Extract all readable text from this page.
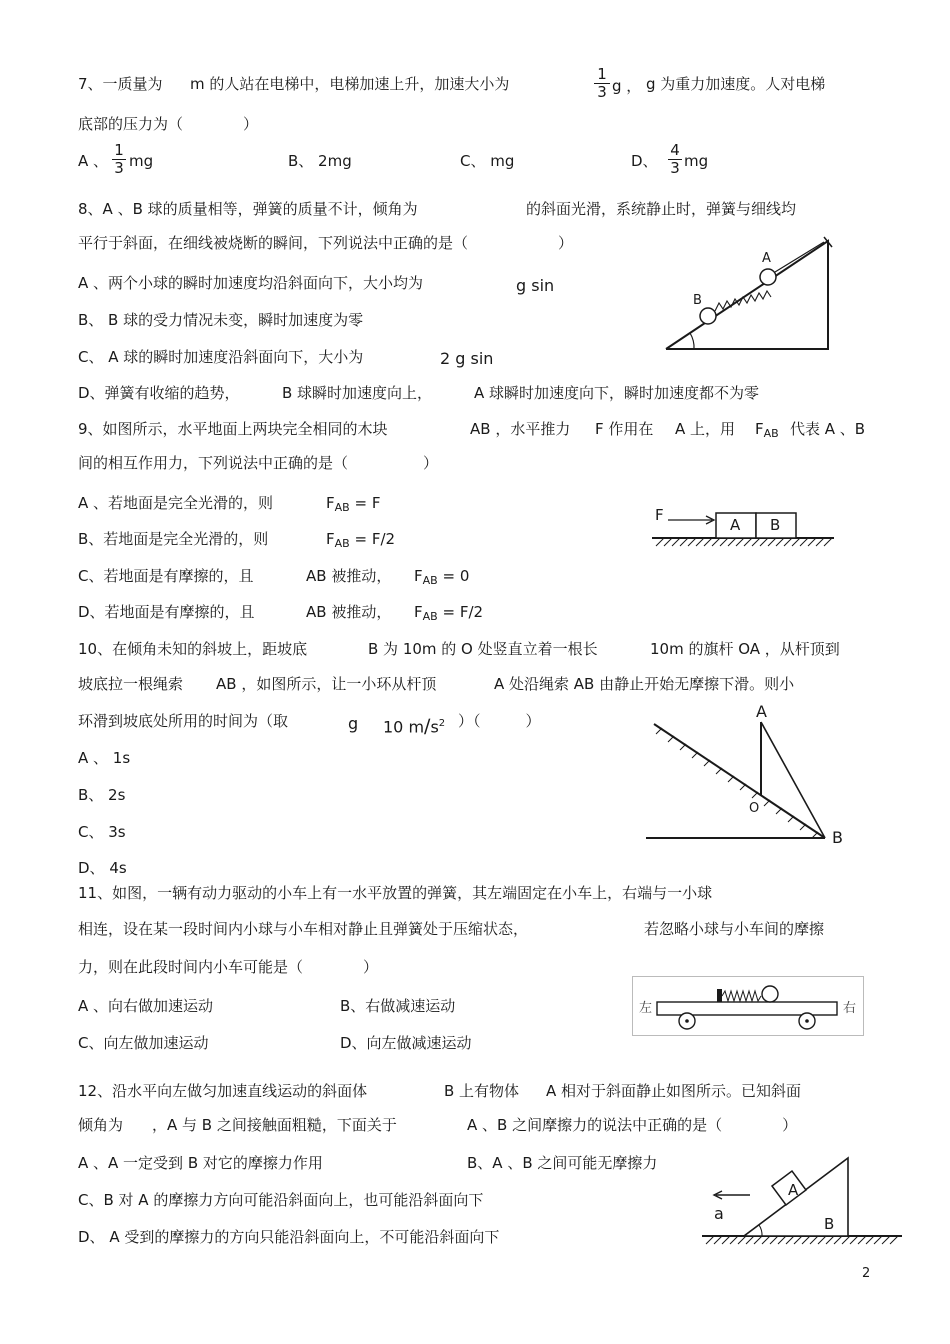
7、一质量为 m 的人站在电梯中，电梯加速上升，加速大小为	$\frac{1}{3}$ g ， g 为重力加速度。人对电梯
底部的压力为（　　　　）
A 、 $\frac{1}{3}$ mg	B、 2mg	C、 mg	D、 $\frac{4}{3}$ mg
8、A 、B 球的质量相等，弹簧的质量不计，倾角为	的斜面光滑，系统静止时，弹簧与细线均
平行于斜面，在细线被烧断的瞬间，下列说法中正确的是（　　　　　　）
A 、两个小球的瞬时加速度均沿斜面向下，大小均为	g sin
B、 B 球的受力情况未变，瞬时加速度为零
C、 A 球的瞬时加速度沿斜面向下，大小为	2 g sin
D、弹簧有收缩的趋势，	B 球瞬时加速度向上，	A 球瞬时加速度向下，瞬时加速度都不为零
A
B
9、如图所示，水平地面上两块完全相同的木块	AB ，水平推力 F 作用在 A 上，用 $F_{AB}$ 代表 A 、B
间的相互作用力，下列说法中正确的是（　　　　　）
A 、若地面是完全光滑的，则	$F_{AB} = F$
B、若地面是完全光滑的，则	$F_{AB} = F/2$
C、若地面是有摩擦的，且	AB 被推动， $F_{AB} = 0$
D、若地面是有摩擦的，且	AB 被推动， $F_{AB} = F/2$
F
A B
10、在倾角未知的斜坡上，距坡底	B 为 10m 的 O 处竖直立着一根长	10m 的旗杆 OA ，从杆顶到
坡底拉一根绳索 AB ，如图所示，让一小环从杆顶	A 处沿绳索 AB 由静止开始无摩擦下滑。则小
环滑到坡底处所用的时间为（取	g 10 $m∕s^2$ ）（　　　）
A 、 1s
B、 2s
C、 3s
D、 4s
A
O
B
11、如图，一辆有动力驱动的小车上有一水平放置的弹簧，其左端固定在小车上，右端与一小球
相连，设在某一段时间内小球与小车相对静止且弹簧处于压缩状态，	若忽略小球与小车间的摩擦
力，则在此段时间内小车可能是（　　　　）
A 、向右做加速运动	B、右做减速运动
C、向左做加速运动	D、向左做减速运动
左	右
12、沿水平向左做匀加速直线运动的斜面体	B 上有物体 A 相对于斜面静止如图所示。已知斜面
倾角为 ，A 与 B 之间接触面粗糙，下面关于	A 、B 之间摩擦力的说法中正确的是（　　　　）
A 、A 一定受到 B 对它的摩擦力作用	B、A 、B 之间可能无摩擦力
C、B 对 A 的摩擦力方向可能沿斜面向上，也可能沿斜面向下
D、 A 受到的摩擦力的方向只能沿斜面向上，不可能沿斜面向下
A
a
B
2
